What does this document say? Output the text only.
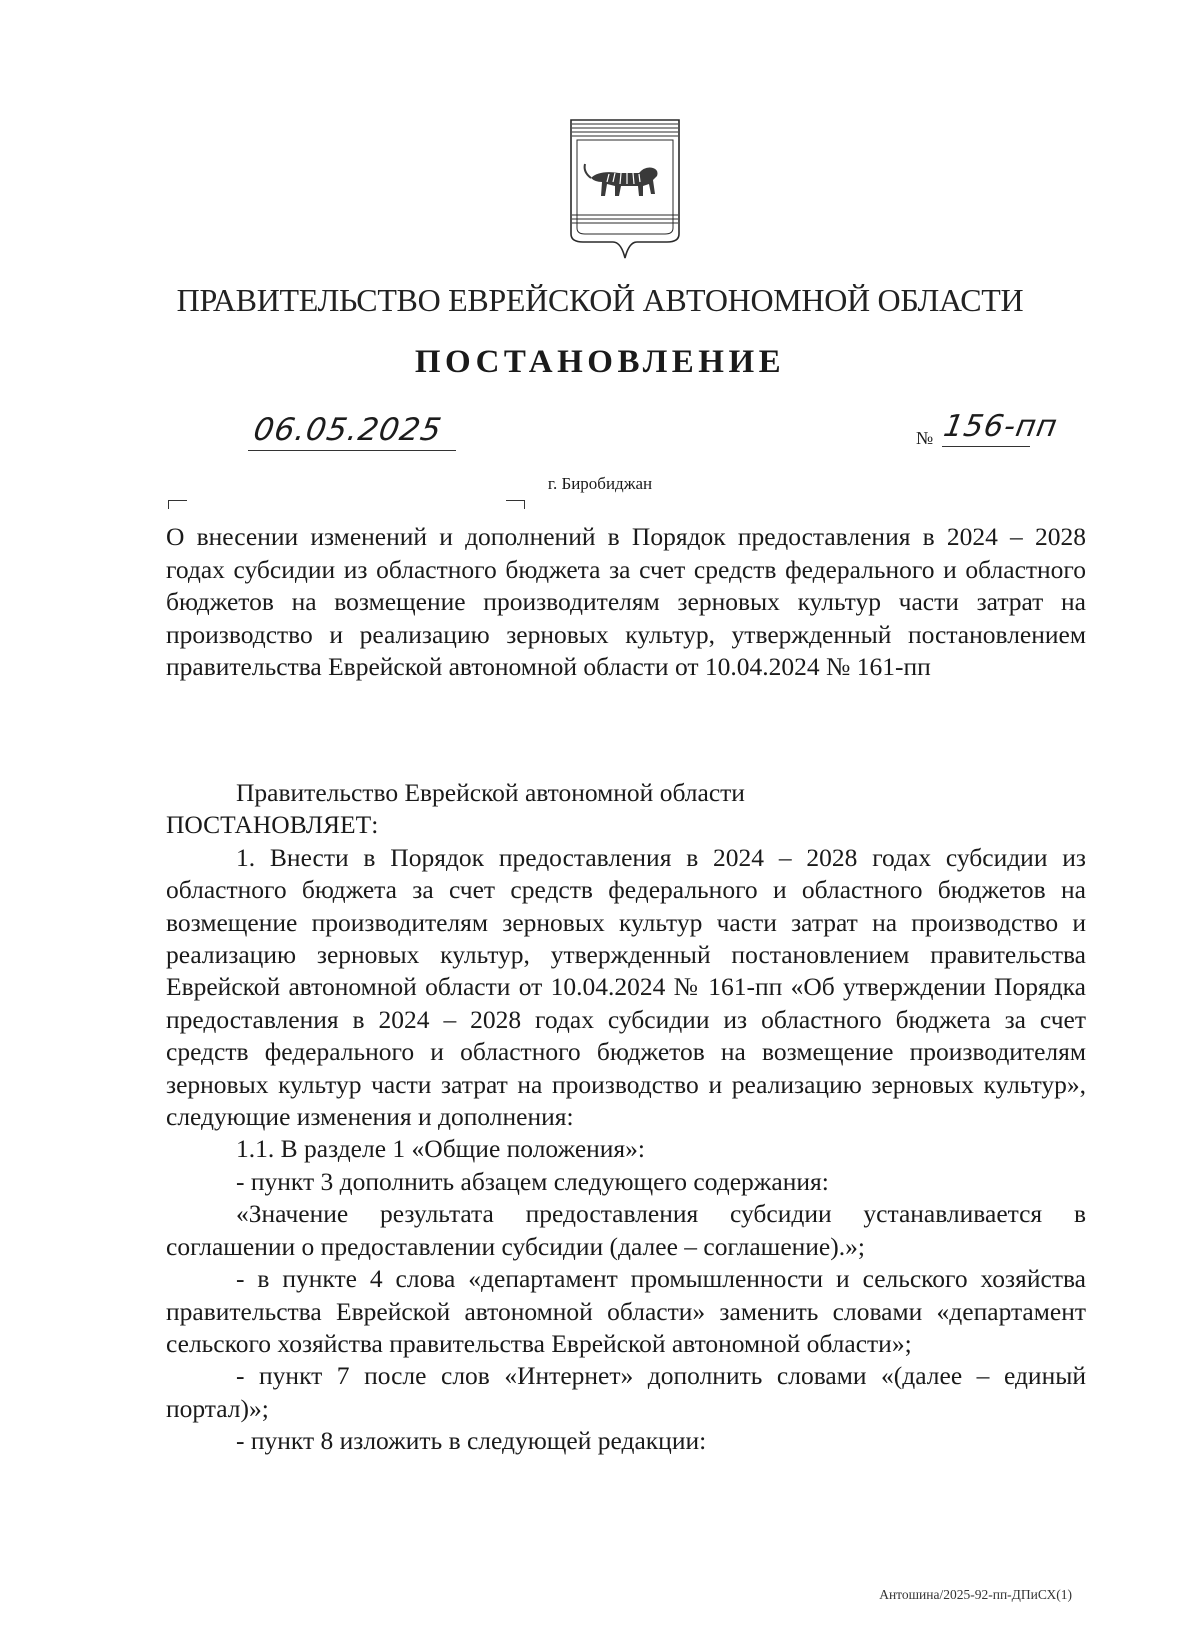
ПРАВИТЕЛЬСТВО ЕВРЕЙСКОЙ АВТОНОМНОЙ ОБЛАСТИ
ПОСТАНОВЛЕНИЕ
06.05.2025	№ 156-пп
г. Биробиджан
О внесении изменений и дополнений в Порядок предоставления в 2024 – 2028 годах субсидии из областного бюджета за счет средств федерального и областного бюджетов на возмещение производителям зерновых культур части затрат на производство и реализацию зерновых культур, утвержденный постановлением правительства Еврейской автономной области от 10.04.2024 № 161-пп

Правительство Еврейской автономной области

ПОСТАНОВЛЯЕТ:

1. Внести в Порядок предоставления в 2024 – 2028 годах субсидии из областного бюджета за счет средств федерального и областного бюджетов на возмещение производителям зерновых культур части затрат на производство и реализацию зерновых культур, утвержденный постановлением правительства Еврейской автономной области от 10.04.2024 № 161-пп «Об утверждении Порядка предоставления в 2024 – 2028 годах субсидии из областного бюджета за счет средств федерального и областного бюджетов на возмещение производителям зерновых культур части затрат на производство и реализацию зерновых культур», следующие изменения и дополнения:

1.1. В разделе 1 «Общие положения»:

- пункт 3 дополнить абзацем следующего содержания:

«Значение результата предоставления субсидии устанавливается в соглашении о предоставлении субсидии (далее – соглашение).»;

- в пункте 4 слова «департамент промышленности и сельского хозяйства правительства Еврейской автономной области» заменить словами «департамент сельского хозяйства правительства Еврейской автономной области»;

- пункт 7 после слов «Интернет» дополнить словами «(далее – единый портал)»;

- пункт 8 изложить в следующей редакции:

Антошина/2025-92-пп-ДПиСХ(1)
